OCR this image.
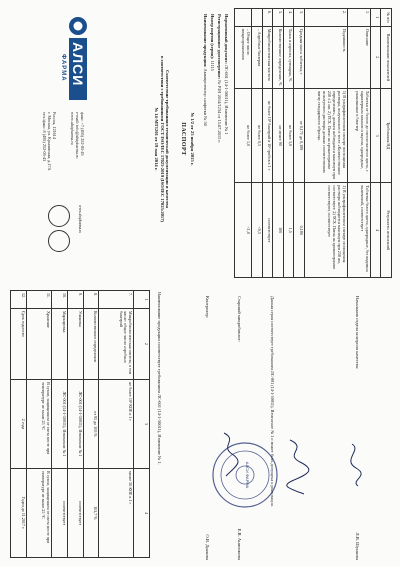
АЛСИ
ФАРМА
Россия, 121614
г. Москва, ул. Крылатская, д.17А
тел./факс: 8 (495) 252-05-43	факс: +7 (495) 252-05-43
e-mail: info@alsipharma.ru
www.alsipharma.ru
www.alsipharma.ru
Соответствие требованиям технической документации и качества
в соответствии с требованиями ГОСТ ISO/IEC 17025-2019 (ISO/IEC 17025:2017)
№ 14-МТ1201 от 19 мая 2014 г.	ПАСПОРТ № 1/2 от 25 ноября 2015 г.
Наименование продукции: Аквапротектор салфетки № 50
Номер партии (серии): 11115 Регистрационное удостоверение: № РЗН 2014/1234 от 15.07.2015 г.
Нормативный документ: ЛС-001 (14-1-50011), Изменение № 1
№ п/п	Наименование показателей	Требования НД	Результаты испытаний
1	2	3	4
1.	Описание	Таблетки от белого до светло-желтого цвета, с характерным запахом и вкусом, однородные, упакованные в блистер	Таблетки белого цвета, однородные, без видимых включений, соответствует
2.	Подлинность	1) В ультрафиолетовом спектре поглощения раствора, полученного в тесте «Количественное определение», должен наблюдаться максимум при 258 ± 2 нм. 2) ТСХ. Пятно на хроматограмме испытуемого раствора должно соответствовать пятну стандартного образца.	1) В ультрафиолетовом спектре поглощения раствора наблюдается максимум при 258 нм, соответствует. 2) ТСХ. Пятна на хроматограмме соответствуют, соответствует
3.	Средняя масса таблетки, г	от 0,171 до 0,189	0,180
4.	Тальк и аэросил, суммарно, %	не более 3,0	1,5
5.	Количественное определение, %	не менее 90	100
6.	Микробиологическая чистота	не более 10³ бактерий и 10² грибов в 1 г	соответствует
	– Аэробные бактерии	не более 0,5	<0,5
	– Общее число микроорганизмов	не более 1,0	<1,0
1	2	3	4
7.	Микробиологическая чистота, в том числе: общее число аэробных бактерий	не более 10³ КОЕ в 1 г	менее 50 КОЕ в 1 г
8.	Количественное определение	от 95 до 105 %	101,7 %
9.	Упаковка	ЛС-001 (14-1-50011), Изменение № 1	соответствует
10.	Маркировка	ЛС-001 (14-1-50011), Изменение № 1	соответствует
11.	Хранение	В сухом, защищенном от света месте при температуре не выше 25 °С	В сухом, защищенном от света месте при температуре не выше 25 °С
12.	Срок годности	2 года	Годен до 11.2017 г.
Наименование продукции соответствует требованиям ЛС-001 (14-1-50011), Изменение № 1.	Контролер:
О.В. Дьякова
Старший микробиолог:
Е.В. Анисимова
Данная серия соответствует требованиям ЛС-001 (14-1-50011), Изменение № 1 и может быть допущена к реализации.	Начальник отдела контроля качества:
Л.В. Шункова
АЛСИ ФАРМА
